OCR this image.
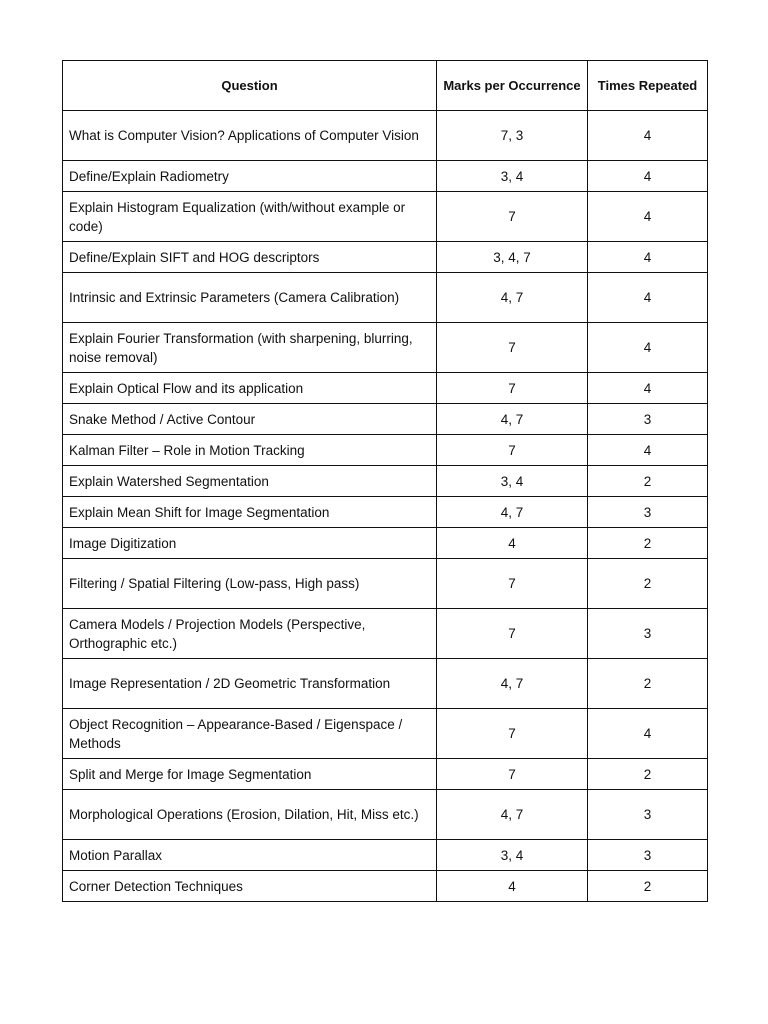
Question	Marks per Occurrence	Times Repeated
What is Computer Vision? Applications of Computer Vision	7, 3	4
Define/Explain Radiometry	3, 4	4
Explain Histogram Equalization (with/without example or code)	7	4
Define/Explain SIFT and HOG descriptors	3, 4, 7	4
Intrinsic and Extrinsic Parameters (Camera Calibration)	4, 7	4
Explain Fourier Transformation (with sharpening, blurring, noise removal)	7	4
Explain Optical Flow and its application	7	4
Snake Method / Active Contour	4, 7	3
Kalman Filter – Role in Motion Tracking	7	4
Explain Watershed Segmentation	3, 4	2
Explain Mean Shift for Image Segmentation	4, 7	3
Image Digitization	4	2
Filtering / Spatial Filtering (Low-pass, High pass)	7	2
Camera Models / Projection Models (Perspective, Orthographic etc.)	7	3
Image Representation / 2D Geometric Transformation	4, 7	2
Object Recognition – Appearance-Based / Eigenspace / Methods	7	4
Split and Merge for Image Segmentation	7	2
Morphological Operations (Erosion, Dilation, Hit, Miss etc.)	4, 7	3
Motion Parallax	3, 4	3
Corner Detection Techniques	4	2
